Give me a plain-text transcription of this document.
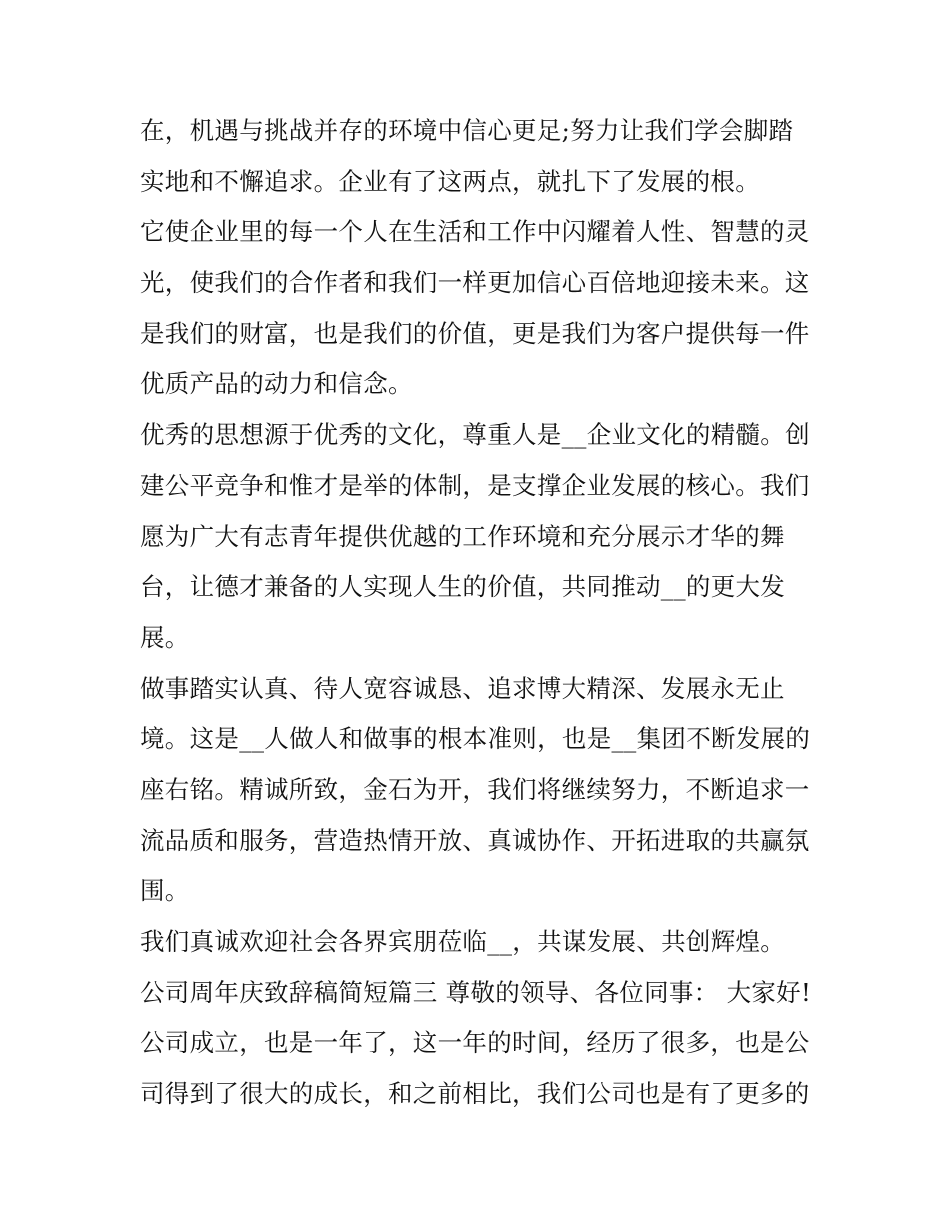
在，机遇与挑战并存的环境中信心更足;努力让我们学会脚踏
实地和不懈追求。企业有了这两点，就扎下了发展的根。
它使企业里的每一个人在生活和工作中闪耀着人性、智慧的灵
光，使我们的合作者和我们一样更加信心百倍地迎接未来。这
是我们的财富，也是我们的价值，更是我们为客户提供每一件
优质产品的动力和信念。
优秀的思想源于优秀的文化，尊重人是__企业文化的精髓。创
建公平竞争和惟才是举的体制，是支撑企业发展的核心。我们
愿为广大有志青年提供优越的工作环境和充分展示才华的舞
台，让德才兼备的人实现人生的价值，共同推动__的更大发
展。
做事踏实认真、待人宽容诚恳、追求博大精深、发展永无止
境。这是__人做人和做事的根本准则，也是__集团不断发展的
座右铭。精诚所致，金石为开，我们将继续努力，不断追求一
流品质和服务，营造热情开放、真诚协作、开拓进取的共赢氛
围。
我们真诚欢迎社会各界宾朋莅临__，共谋发展、共创辉煌。
公司周年庆致辞稿简短篇三 尊敬的领导、各位同事： 大家好!
公司成立，也是一年了，这一年的时间，经历了很多，也是公
司得到了很大的成长，和之前相比，我们公司也是有了更多的
